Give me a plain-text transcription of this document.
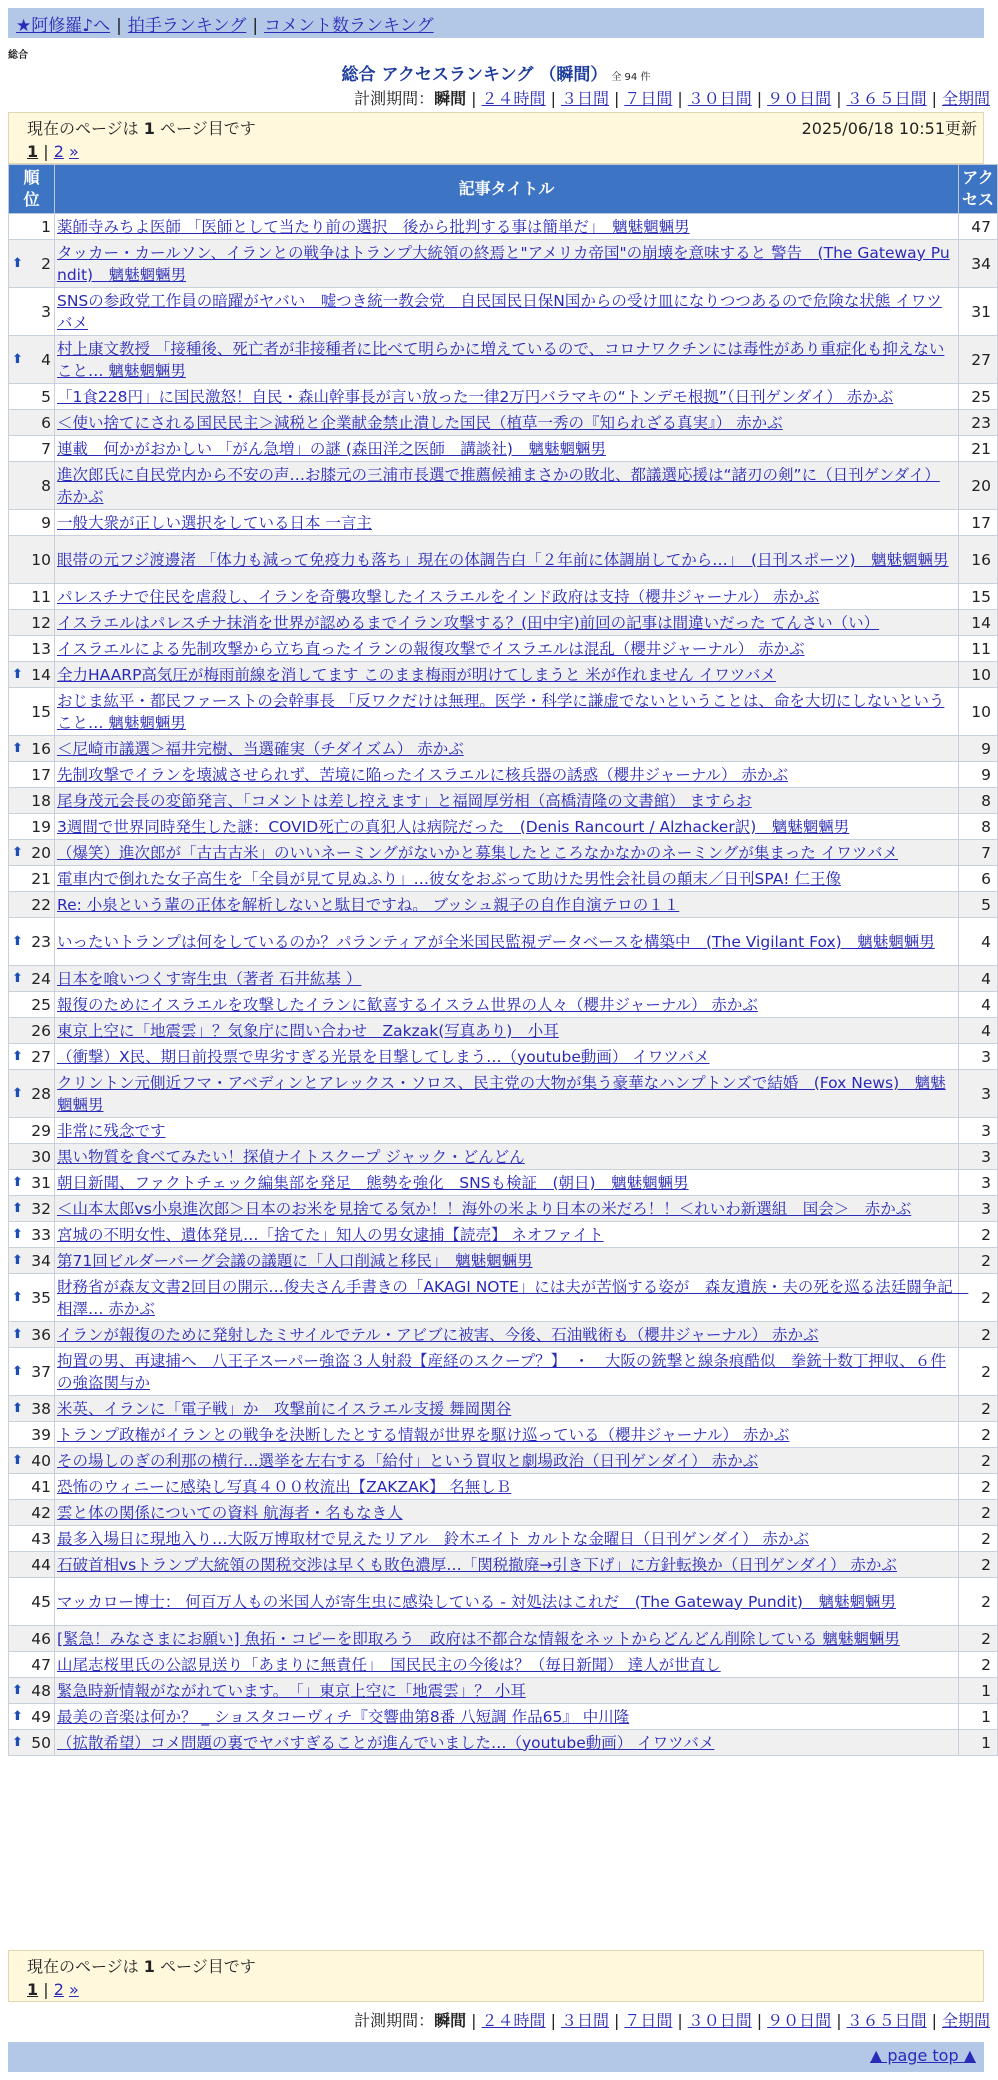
★阿修羅♪へ | 拍手ランキング | コメント数ランキング
総合
総合 アクセスランキング （瞬間） 全 94 件
計測期間：瞬間 | ２４時間 | ３日間 | ７日間 | ３０日間 | ９０日間 | ３６５日間 | 全期間
現在のページは 1 ページ目です	2025/06/18 10:51更新
1 | 2 »
順
位	記事タイトル	アク
セス
1	薬師寺みちよ医師 「医師として当たり前の選択　後から批判する事は簡単だ」　魑魅魍魎男	47

⬆ 2	タッカー・カールソン、イランとの戦争はトランプ大統領の終焉と"アメリカ帝国"の崩壊を意味すると 警告　(The Gateway Pundit)　魑魅魍魎男	34
3	SNSの参政党工作員の暗躍がヤバい　嘘つき統一教会党　自民国民日保N国からの受け皿になりつつあるので危険な状態 イワツバメ	31

⬆ 4	村上康文教授 「接種後、死亡者が非接種者に比べて明らかに増えているので、コロナワクチンには毒性があり重症化も抑えないこと… 魑魅魍魎男	27
5	「1食228円」に国民激怒！自民・森山幹事長が言い放った一律2万円バラマキの“トンデモ根拠”（日刊ゲンダイ） 赤かぶ	25
6	＜使い捨てにされる国民民主＞減税と企業献金禁止潰した国民（植草一秀の『知られざる真実』） 赤かぶ	23
7	連載　何かがおかしい 「がん急増」の謎 (森田洋之医師　講談社)　魑魅魍魎男	21
8	進次郎氏に自民党内から不安の声…お膝元の三浦市長選で推薦候補まさかの敗北、都議選応援は“諸刃の剣”に（日刊ゲンダイ） 赤かぶ	20
9	一般大衆が正しい選択をしている日本 一言主	17
10	眼帯の元フジ渡邊渚 「体力も減って免疫力も落ち」現在の体調告白「２年前に体調崩してから…」　(日刊スポーツ)　魑魅魍魎男	16
11	パレスチナで住民を虐殺し、イランを奇襲攻撃したイスラエルをインド政府は支持（櫻井ジャーナル） 赤かぶ	15
12	イスラエルはパレスチナ抹消を世界が認めるまでイラン攻撃する？(田中宇)前回の記事は間違いだった てんさい（い）	14
13	イスラエルによる先制攻撃から立ち直ったイランの報復攻撃でイスラエルは混乱（櫻井ジャーナル） 赤かぶ	11

⬆ 14	全力HAARP高気圧が梅雨前線を消してます このまま梅雨が明けてしまうと 米が作れません イワツバメ	10
15	おじま紘平・都民ファーストの会幹事長 「反ワクだけは無理。医学・科学に謙虚でないということは、命を大切にしないということ… 魑魅魍魎男	10

⬆ 16	＜尼崎市議選＞福井完樹、当選確実（チダイズム） 赤かぶ	9
17	先制攻撃でイランを壊滅させられず、苦境に陥ったイスラエルに核兵器の誘惑（櫻井ジャーナル） 赤かぶ	9
18	尾身茂元会長の変節発言、「コメントは差し控えます」と福岡厚労相（高橋清隆の文書館） ますらお	8
19	3週間で世界同時発生した謎：COVID死亡の真犯人は病院だった　(Denis Rancourt / Alzhacker訳)　魑魅魍魎男	8

⬆ 20	（爆笑）進次郎が「古古古米」のいいネーミングがないかと募集したところなかなかのネーミングが集まった イワツバメ	7
21	電車内で倒れた女子高生を「全員が見て見ぬふり」…彼女をおぶって助けた男性会社員の顛末／日刊SPA! 仁王像	6
22	Re: 小泉という輩の正体を解析しないと駄目ですね。 ブッシュ親子の自作自演テロの１１	5

⬆ 23	いったいトランプは何をしているのか？パランティアが全米国民監視データベースを構築中　(The Vigilant Fox)　魑魅魍魎男	4

⬆ 24	日本を喰いつくす寄生虫（著者 石井紘基 ）	4
25	報復のためにイスラエルを攻撃したイランに歓喜するイスラム世界の人々（櫻井ジャーナル） 赤かぶ	4
26	東京上空に「地震雲」？気象庁に問い合わせ　Zakzak(写真あり)　小耳	4

⬆ 27	（衝撃）X民、期日前投票で卑劣すぎる光景を目撃してしまう…（youtube動画） イワツバメ	3

⬆ 28	クリントン元側近フマ・アベディンとアレックス・ソロス、民主党の大物が集う豪華なハンプトンズで結婚　(Fox News)　魑魅魍魎男	3
29	非常に残念です	3
30	黒い物質を食べてみたい！探偵ナイトスクープ ジャック・どんどん	3

⬆ 31	朝日新聞、ファクトチェック編集部を発足　態勢を強化　SNSも検証　(朝日)　魑魅魍魎男	3

⬆ 32	＜山本太郎vs小泉進次郎＞日本のお米を見捨てる気か！！海外の米より日本の米だろ！！＜れいわ新選組　国会＞　赤かぶ	3

⬆ 33	宮城の不明女性、遺体発見…「捨てた」知人の男女逮捕【読売】 ネオファイト	2

⬆ 34	第71回ビルダーバーグ会議の議題に「人口削減と移民」　魑魅魍魎男	2

⬆ 35	財務省が森友文書2回目の開示…俊夫さん手書きの「AKAGI NOTE」には夫が苦悩する姿が　森友遺族・夫の死を巡る法廷闘争記　相澤… 赤かぶ	2

⬆ 36	イランが報復のために発射したミサイルでテル・アビブに被害、今後、石油戦術も（櫻井ジャーナル） 赤かぶ	2

⬆ 37	拘置の男、再逮捕へ　八王子スーパー強盗３人射殺【産経のスクープ？】　・　大阪の銃撃と線条痕酷似　拳銃十数丁押収、６件の強盗関与か	2

⬆ 38	米英、イランに「電子戦」か　攻撃前にイスラエル支援 舞岡関谷	2
39	トランプ政権がイランとの戦争を決断したとする情報が世界を駆け巡っている（櫻井ジャーナル） 赤かぶ	2

⬆ 40	その場しのぎの利那の横行…選挙を左右する「給付」という買収と劇場政治（日刊ゲンダイ） 赤かぶ	2
41	恐怖のウィニーに感染し写真４００枚流出【ZAKZAK】 名無しＢ	2
42	雲と体の関係についての資料 航海者・名もなき人	2
43	最多入場日に現地入り…大阪万博取材で見えたリアル　鈴木エイト カルトな金曜日（日刊ゲンダイ） 赤かぶ	2
44	石破首相vsトランプ大統領の関税交渉は早くも敗色濃厚…「関税撤廃→引き下げ」に方針転換か（日刊ゲンダイ） 赤かぶ	2
45	マッカロー博士： 何百万人もの米国人が寄生虫に感染している - 対処法はこれだ　(The Gateway Pundit)　魑魅魍魎男	2
46	[緊急！みなさまにお願い] 魚拓・コピーを即取ろう　政府は不都合な情報をネットからどんどん削除している 魑魅魍魎男	2
47	山尾志桜里氏の公認見送り「あまりに無責任」　国民民主の今後は？（毎日新聞） 達人が世直し	2

⬆ 48	緊急時新情報がながれています。　「」東京上空に「地震雲」？ 小耳	1

⬆ 49	最美の音楽は何か？ _ ショスタコーヴィチ『交響曲第8番 八短調 作品65』 中川隆	1

⬆ 50	（拡散希望）コメ問題の裏でヤバすぎることが進んでいました…（youtube動画） イワツバメ	1
現在のページは 1 ページ目です
1 | 2 »
計測期間：瞬間 | ２４時間 | ３日間 | ７日間 | ３０日間 | ９０日間 | ３６５日間 | 全期間
▲ page top ▲
